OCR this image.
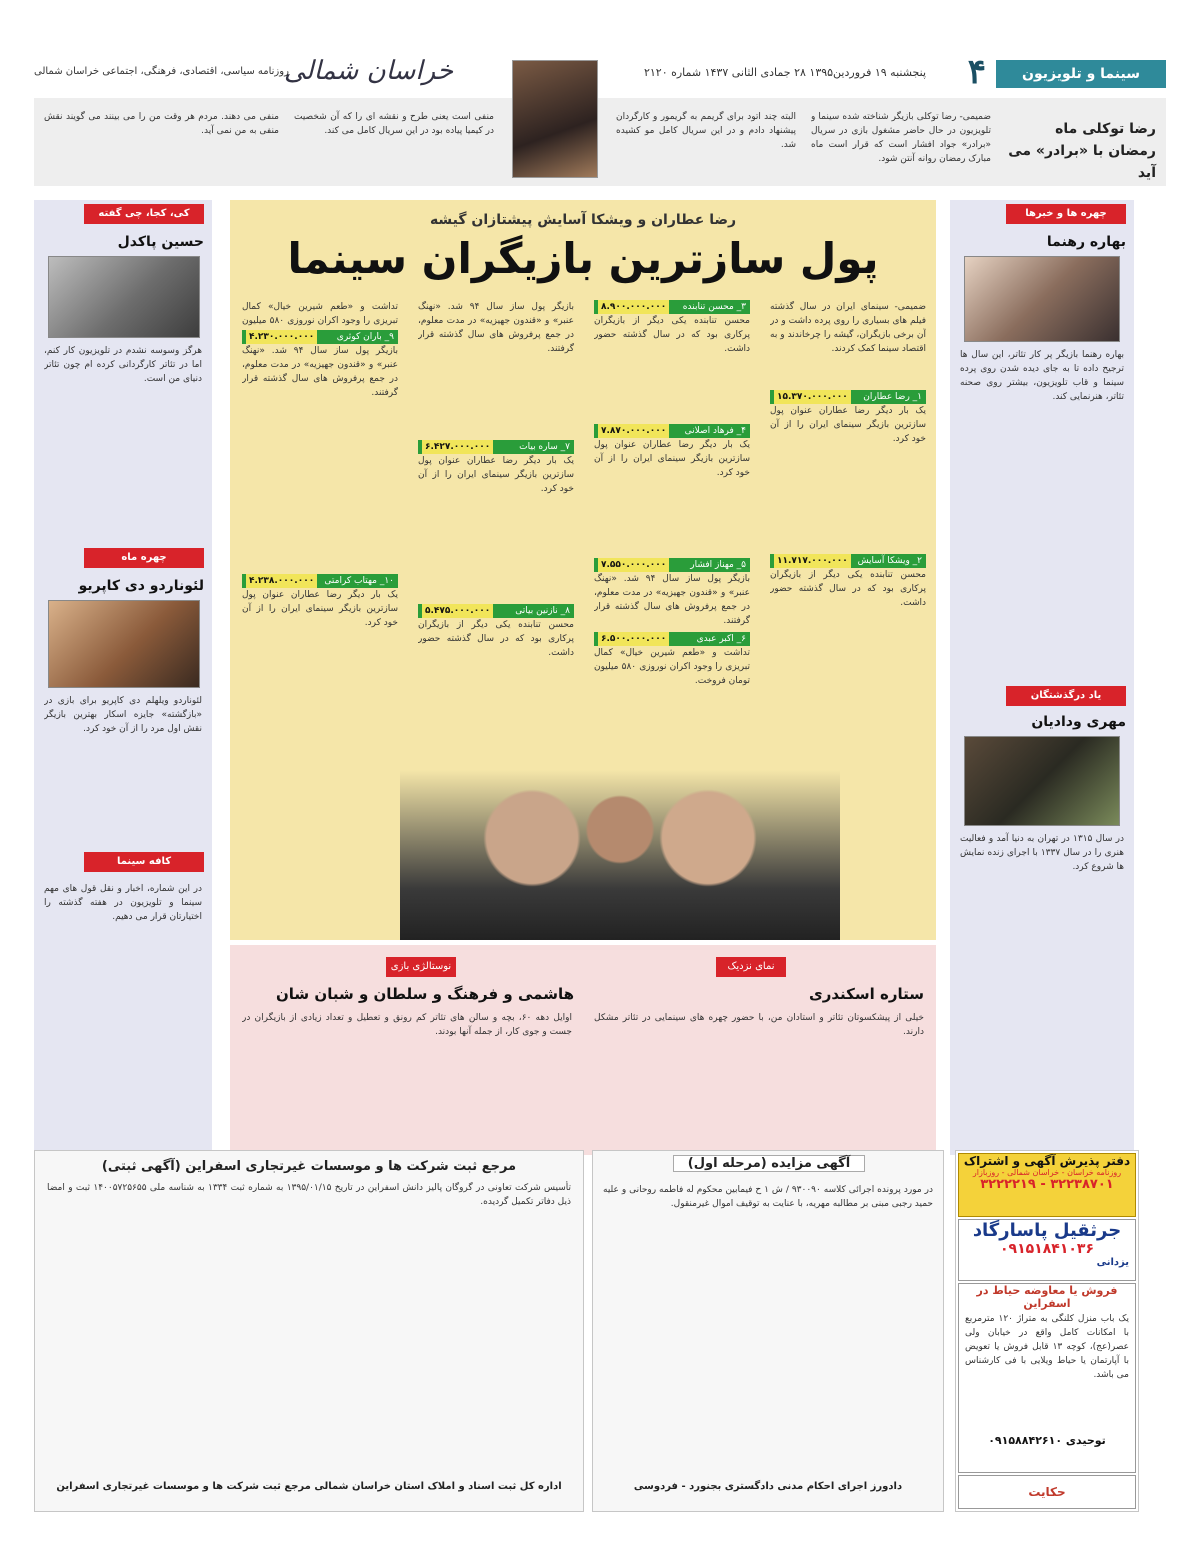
سینما و تلویزیون
۴
پنجشنبه ۱۹ فروردین۱۳۹۵ ۲۸ جمادی الثانی ۱۴۳۷ شماره ۲۱۲۰
خراسان شمالی
روزنامه سیاسی، اقتصادی، فرهنگی، اجتماعی خراسان شمالی
رضا توکلی ماه رمضان با «برادر» می آید
ضمیمی- رضا توکلی بازیگر شناخته شده سینما و تلویزیون در حال حاضر مشغول بازی در سریال «برادر» جواد افشار است که قرار است ماه مبارک رمضان روانه آنتن شود.
البته چند اتود برای گریمم به گریمور و کارگردان پیشنهاد دادم و در این سریال کامل مو کشیده شد.
منفی است یعنی طرح و نقشه ای را که آن شخصیت در کیمیا پیاده بود در این سریال کامل می کند.
منفی می دهند. مردم هر وقت من را می بینند می گویند نقش منفی به من نمی آید.
کی، کجا، چی گفته
حسین پاکدل
هرگز وسوسه نشدم در تلویزیون کار کنم، اما در تئاتر کارگردانی کرده ام چون تئاتر دنیای من است.
چهره ماه
لئوناردو دی کاپریو
لئوناردو ویلهلم دی کاپریو برای بازی در «بازگشته» جایزه اسکار بهترین بازیگر نقش اول مرد را از آن خود کرد.
کافه سینما
در این شماره، اخبار و نقل قول های مهم سینما و تلویزیون در هفته گذشته را اختیارتان قرار می دهیم.
چهره ها و خبرها
بهاره رهنما
بهاره رهنما بازیگر پر کار تئاتر، این سال ها ترجیح داده تا به جای دیده شدن روی پرده سینما و قاب تلویزیون، بیشتر روی صحنه تئاتر، هنرنمایی کند.
یاد درگذشتگان
مهری ودادیان
در سال ۱۳۱۵ در تهران به دنیا آمد و فعالیت هنری را در سال ۱۳۳۷ با اجرای زنده نمایش ها شروع کرد.
رضا عطاران و ویشکا آسایش پیشتازان گیشه
پول سازترین بازیگران سینما
ضمیمی- سینمای ایران در سال گذشته فیلم های بسیاری را روی پرده داشت و در آن برخی بازیگران، گیشه را چرخاندند و به اقتصاد سینما کمک کردند.
۱_ رضا عطاران
۱۵.۳۷۰.۰۰۰.۰۰۰
یک بار دیگر رضا عطاران عنوان پول سازترین بازیگر سینمای ایران را از آن خود کرد.
۲_ ویشکا آسایش
۱۱.۷۱۷.۰۰۰.۰۰۰
محسن تنابنده یکی دیگر از بازیگران پرکاری بود که در سال گذشته حضور داشت.
۳_ محسن تنابنده
۸.۹۰۰.۰۰۰.۰۰۰
محسن تنابنده یکی دیگر از بازیگران پرکاری بود که در سال گذشته حضور داشت.
۴_ فرهاد اصلانی
۷.۸۷۰.۰۰۰.۰۰۰
یک بار دیگر رضا عطاران عنوان پول سازترین بازیگر سینمای ایران را از آن خود کرد.
۵_ مهناز افشار
۷.۵۵۰.۰۰۰.۰۰۰
بازیگر پول ساز سال ۹۴ شد. «نهنگ عنبر» و «قندون جهیزیه» در مدت معلوم، در جمع پرفروش های سال گذشته قرار گرفتند.
۶_ اکبر عبدی
۶.۵۰۰.۰۰۰.۰۰۰
تداشت و «طعم شیرین خیال» کمال تبریزی را وجود اکران نوروزی ۵۸۰ میلیون تومان فروخت.
بازیگر پول ساز سال ۹۴ شد. «نهنگ عنبر» و «قندون جهیزیه» در مدت معلوم، در جمع پرفروش های سال گذشته قرار گرفتند.
۷_ ساره بیات
۶.۴۲۷.۰۰۰.۰۰۰
یک بار دیگر رضا عطاران عنوان پول سازترین بازیگر سینمای ایران را از آن خود کرد.
۸_ نازنین بیاتی
۵.۴۷۵.۰۰۰.۰۰۰
محسن تنابنده یکی دیگر از بازیگران پرکاری بود که در سال گذشته حضور داشت.
تداشت و «طعم شیرین خیال» کمال تبریزی را وجود اکران نوروزی ۵۸۰ میلیون
۹_ باران کوثری
۴.۲۳۰.۰۰۰.۰۰۰
بازیگر پول ساز سال ۹۴ شد. «نهنگ عنبر» و «قندون جهیزیه» در مدت معلوم، در جمع پرفروش های سال گذشته قرار گرفتند.
۱۰_ مهتاب کرامتی
۴.۲۳۸.۰۰۰.۰۰۰
یک بار دیگر رضا عطاران عنوان پول سازترین بازیگر سینمای ایران را از آن خود کرد.
نمای نزدیک
ستاره اسکندری
خیلی از پیشکسوتان تئاتر و استادان من، با حضور چهره های سینمایی در تئاتر مشکل دارند.
نوستالژی بازی
هاشمی و فرهنگ و سلطان و شبان شان
اوایل دهه ۶۰، بچه و سالن های تئاتر کم رونق و تعطیل و تعداد زیادی از بازیگران در جست و جوی کار، از جمله آنها بودند.
مرجع ثبت شرکت ها و موسسات غیرتجاری اسفراین (آگهی ثبتی)
تأسیس شرکت تعاونی در گروگان پالیز دانش اسفراین در تاریخ ۱۳۹۵/۰۱/۱۵ به شماره ثبت ۱۳۳۴ به شناسه ملی ۱۴۰۰۵۷۲۵۶۵۵ ثبت و امضا ذیل دفاتر تکمیل گردیده.
اداره کل ثبت اسناد و املاک استان خراسان شمالی مرجع ثبت شرکت ها و موسسات غیرتجاری اسفراین
آگهی مزایده (مرحله اول)
در مورد پرونده اجرائی کلاسه ۹۳۰۰۹۰ / ش ۱ ح فیمابین محکوم له فاطمه روحانی و علیه حمید رجبی مبنی بر مطالبه مهریه، با عنایت به توقیف اموال غیرمنقول.
دادورز اجرای احکام مدنی دادگستری بجنورد - فردوسی
دفتر پذیرش آگهی و اشتراک
روزنامه خراسان - خراسان شمالی - روزبازار
۳۲۲۳۸۷۰۱ - ۳۲۲۲۲۱۹
جرثقیل پاسارگاد
۰۹۱۵۱۸۴۱۰۳۶
یزدانی
فروش یا معاوضه حیاط در اسفراین
یک باب منزل کلنگی به متراژ ۱۲۰ مترمربع با امکانات کامل واقع در خیابان ولی عصر(عج)، کوچه ۱۳ قابل فروش یا تعویض با آپارتمان یا حیاط ویلایی با فی کارشناس می باشد.
توحیدی ۰۹۱۵۸۸۴۲۶۱۰
حکایت
